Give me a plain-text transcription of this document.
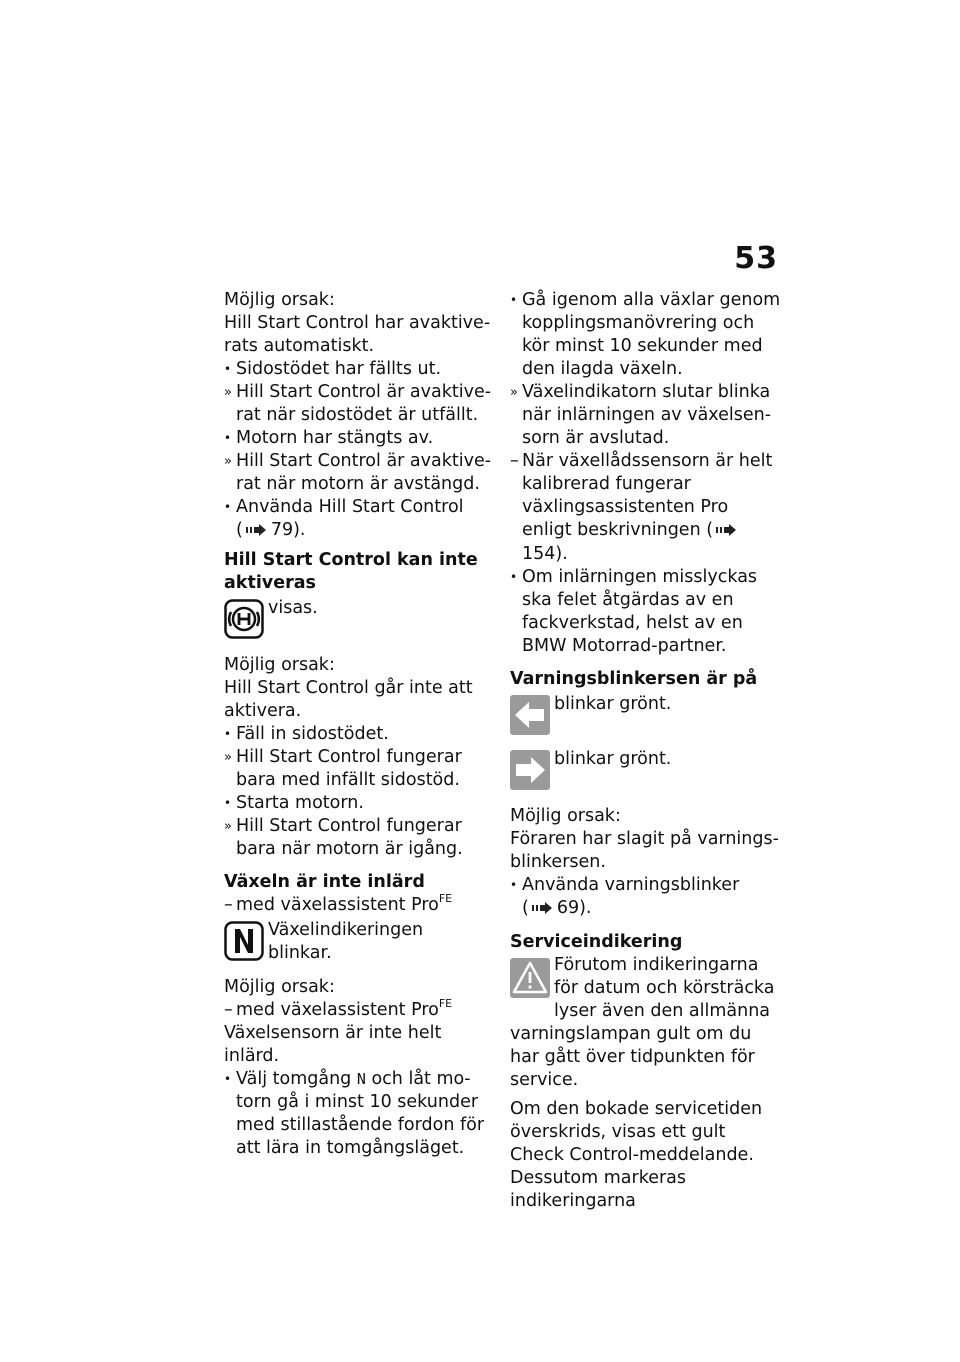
53

Möjlig orsak:

Hill Start Control har avaktiverats automatiskt.

• Sidostödet har fällts ut.
» Hill Start Control är avaktiverat när sidostödet är utfällt.
• Motorn har stängts av.
» Hill Start Control är avaktiverat när motorn är avstängd.
• Använda Hill Start Control
( 79).

Hill Start Control kan inte aktiveras

visas.

Möjlig orsak:

Hill Start Control går inte att aktivera.

• Fäll in sidostödet.
» Hill Start Control fungerar bara med infällt sidostöd.
• Starta motorn.
» Hill Start Control fungerar bara när motorn är igång.

Växeln är inte inlärd

– med växelassistent Pro$^{FE}$
Växelindikeringen blinkar.

Möjlig orsak:

– med växelassistent Pro$^{FE}$

Växelsensorn är inte helt inlärd.

• Välj tomgång N och låt motorn gå i minst 10 sekunder med stillastående fordon för att lära in tomgångsläget.
• Gå igenom alla växlar genom kopplingsmanövrering och kör minst 10 sekunder med den ilagda växeln.
» Växelindikatorn slutar blinka när inlärningen av växelsensorn är avslutad.
– När växellådssensorn är helt kalibrerad fungerar växlingsassistenten Pro enligt beskrivningen (154).
• Om inlärningen misslyckas ska felet åtgärdas av en fackverkstad, helst av en BMW Motorrad-partner.

Varningsblinkersen är på

blinkar grönt.
blinkar grönt.

Möjlig orsak:

Föraren har slagit på varningsblinkersen.

• Använda varningsblinker
( 69).

Serviceindikering

Förutom indikeringarna för datum och körsträcka lyser även den allmänna varningslampan gult om du har gått över tidpunkten för service.

Om den bokade servicetiden överskrids, visas ett gult Check Control-meddelande. Dessutom markeras indikeringarna
